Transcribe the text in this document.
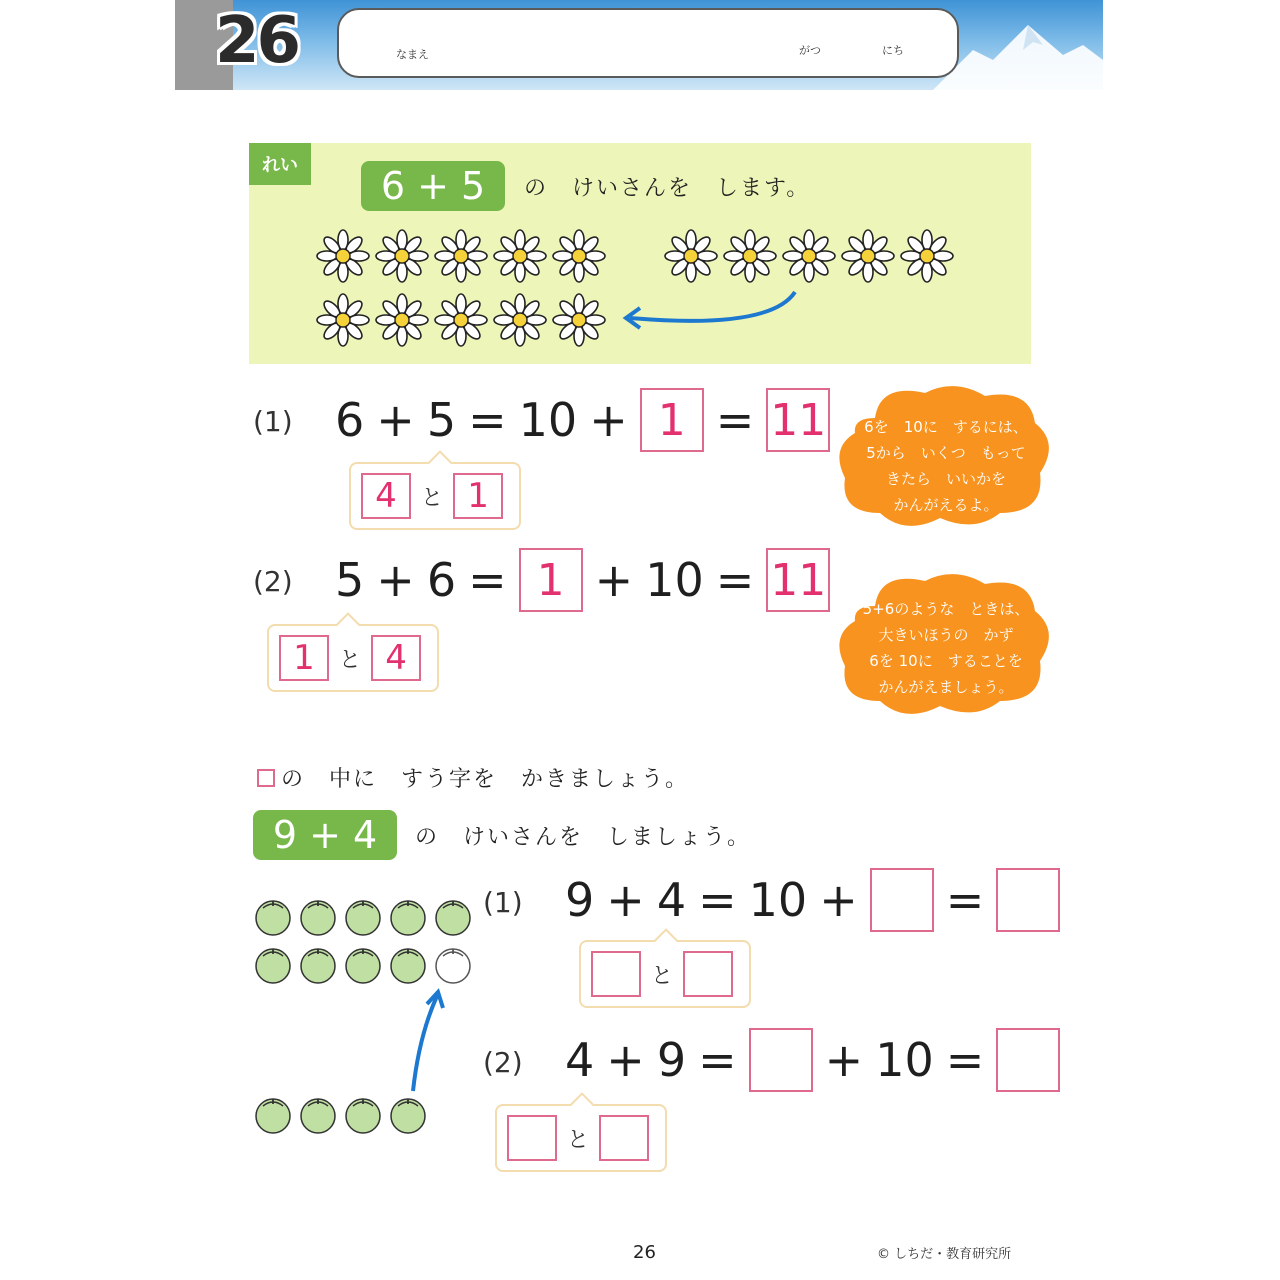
26	なまえ	がつ	にち
れい	6 + 5	の　けいさんを　します。
(1) 6 + 5 = 10 + 1 = 11
4	と 1
6を　10に　するには、
5から　いくつ　もって
きたら　いいかを
かんがえるよ。
(2) 5 + 6 = 1 + 10 = 11
1	と 4
5+6のような　ときは、
大きいほうの　かず
6を 10に　することを
かんがえましょう。
の　中に　すう字を　かきましょう。
9 + 4	の　けいさんを　しましょう。
(1) 9 + 4 = 10 + =
と
(2) 4 + 9 = + 10 =
と
26	© しちだ・教育研究所
